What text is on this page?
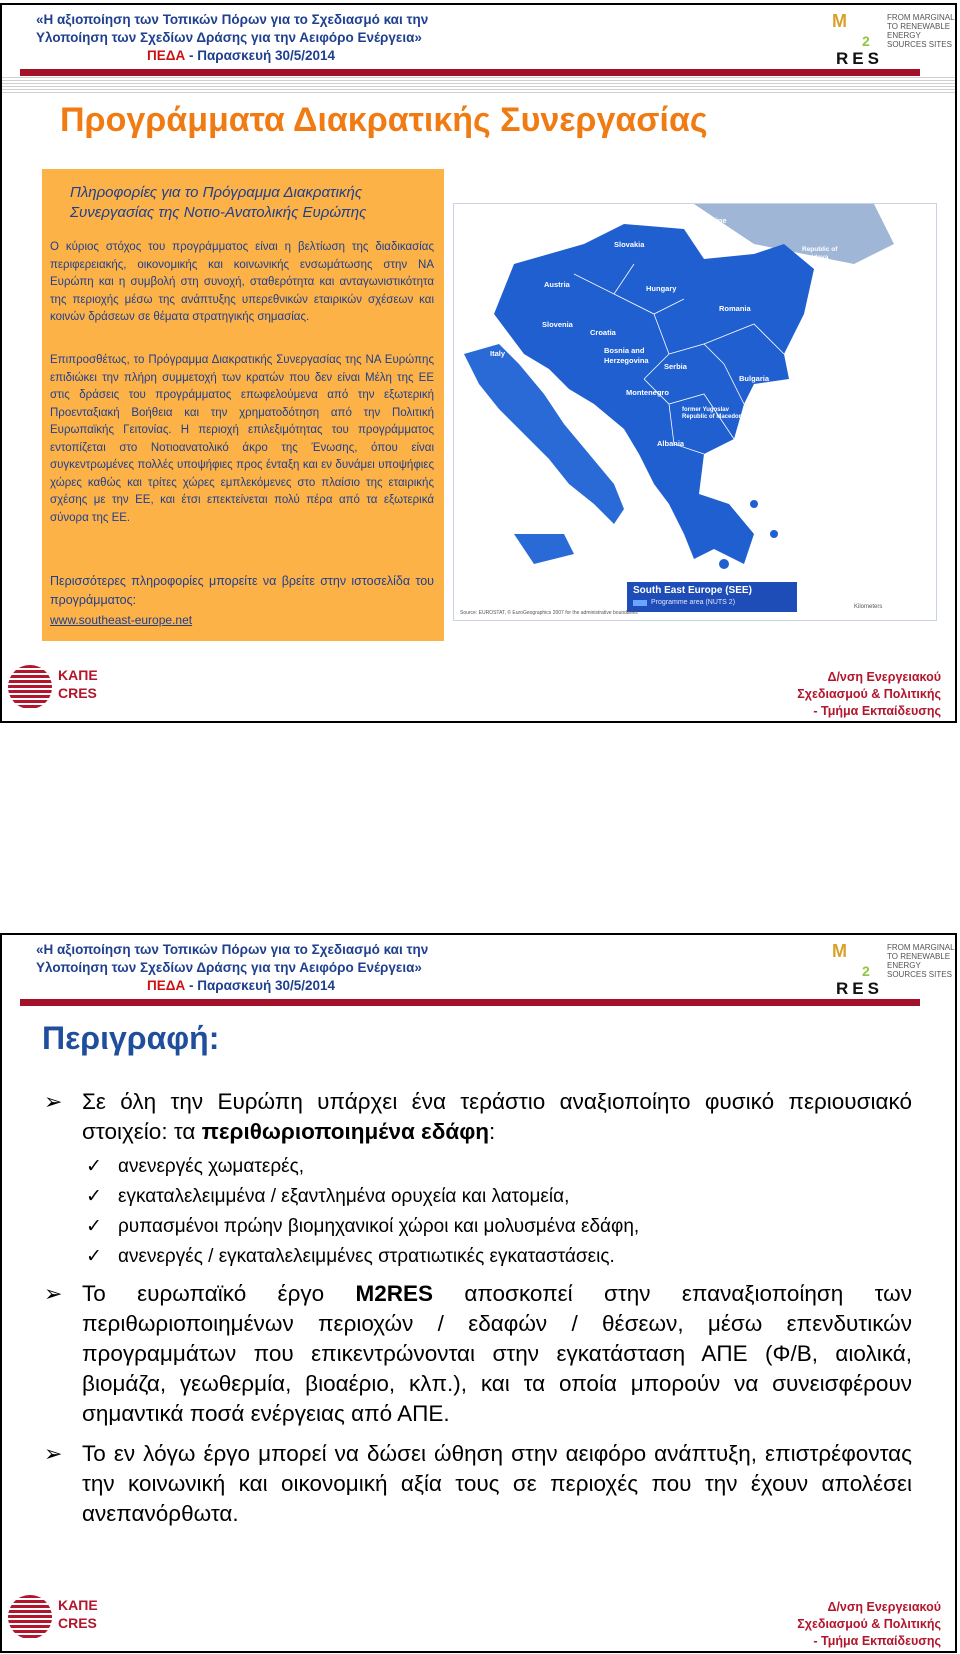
«Η αξιοποίηση των Τοπικών Πόρων για το Σχεδιασμό και την
Υλοποίηση των Σχεδίων Δράσης για την Αειφόρο Ενέργεια»
ΠΕΔΑ - Παρασκευή 30/5/2014
M
2
RES
FROM MARGINAL TO RENEWABLE ENERGY SOURCES SITES
Προγράμματα Διακρατικής Συνεργασίας
Πληροφορίες για το Πρόγραμμα Διακρατικής Συνεργασίας της Νοτιο-Ανατολικής Ευρώπης
Ο κύριος στόχος του προγράμματος είναι η βελτίωση της διαδικασίας περιφερειακής, οικονομικής και κοινωνικής ενσωμάτωσης στην ΝΑ Ευρώπη και η συμβολή στη συνοχή, σταθερότητα και ανταγωνιστικότητα της περιοχής μέσω της ανάπτυξης υπερεθνικών εταιρικών σχέσεων και κοινών δράσεων σε θέματα στρατηγικής σημασίας.
Επιπροσθέτως, το Πρόγραμμα Διακρατικής Συνεργασίας της ΝΑ Ευρώπης επιδιώκει την πλήρη συμμετοχή των κρατών που δεν είναι Μέλη της ΕΕ στις δράσεις του προγράμματος επωφελούμενα από την εξωτερική Προενταξιακή Βοήθεια και την χρηματοδότηση από την Πολιτική Ευρωπαϊκής Γειτονίας. Η περιοχή επιλεξιμότητας του προγράμματος εντοπίζεται στο Νοτιοανατολικό άκρο της Ένωσης, όπου είναι συγκεντρωμένες πολλές υποψήφιες προς ένταξη και εν δυνάμει υποψήφιες χώρες καθώς και τρίτες χώρες εμπλεκόμενες στο πλαίσιο της εταιρικής σχέσης με την ΕΕ, και έτσι επεκτείνεται πολύ πέρα από τα εξωτερικά σύνορα της ΕΕ.
Περισσότερες πληροφορίες μπορείτε να βρείτε στην ιστοσελίδα του προγράμματος:
www.southeast-europe.net
Ukraine
Slovakia
Republic of Moldova
Austria	Hungary
Romania
Slovenia
Croatia
Bosnia and Herzegovina
Serbia
Bulgaria
Italy
Montenegro
former Yugoslav Republic of Macedonia
Albania
Greece
South East Europe (SEE)
Programme area (NUTS 2)
Source: EUROSTAT, © EuroGeographics 2007 for the administrative boundaries
Kilometers
ΚΑΠΕ
CRES
Δ/νση Ενεργειακού
Σχεδιασμού & Πολιτικής
- Τμήμα Εκπαίδευσης
«Η αξιοποίηση των Τοπικών Πόρων για το Σχεδιασμό και την
Υλοποίηση των Σχεδίων Δράσης για την Αειφόρο Ενέργεια»
ΠΕΔΑ - Παρασκευή 30/5/2014
M
2
RES
FROM MARGINAL TO RENEWABLE ENERGY SOURCES SITES
Περιγραφή:
➢ Σε όλη την Ευρώπη υπάρχει ένα τεράστιο αναξιοποίητο φυσικό περιουσιακό στοιχείο: τα περιθωριοποιημένα εδάφη:
✓ ανενεργές χωματερές,
✓ εγκαταλελειμμένα / εξαντλημένα ορυχεία και λατομεία,
✓ ρυπασμένοι πρώην βιομηχανικοί χώροι και μολυσμένα εδάφη,
✓ ανενεργές / εγκαταλελειμμένες στρατιωτικές εγκαταστάσεις.
➢ Το ευρωπαϊκό έργο M2RES αποσκοπεί στην επαναξιοποίηση των περιθωριοποιημένων περιοχών / εδαφών / θέσεων, μέσω επενδυτικών προγραμμάτων που επικεντρώνονται στην εγκατάσταση ΑΠΕ (Φ/Β, αιολικά, βιομάζα, γεωθερμία, βιοαέριο, κλπ.), και τα οποία μπορούν να συνεισφέρουν σημαντικά ποσά ενέργειας από ΑΠΕ.
➢ Το εν λόγω έργο μπορεί να δώσει ώθηση στην αειφόρο ανάπτυξη, επιστρέφοντας την κοινωνική και οικονομική αξία τους σε περιοχές που την έχουν απολέσει ανεπανόρθωτα.
ΚΑΠΕ
CRES
Δ/νση Ενεργειακού
Σχεδιασμού & Πολιτικής
- Τμήμα Εκπαίδευσης
